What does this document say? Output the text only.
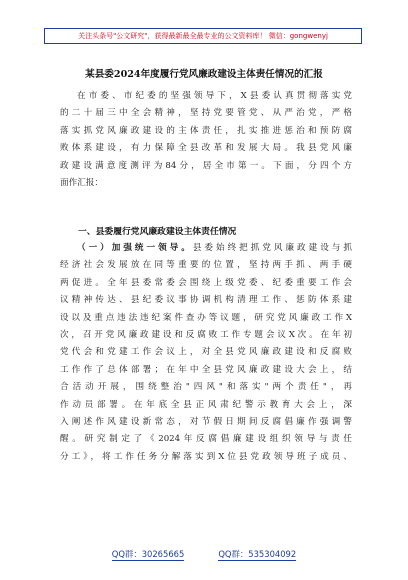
关注头条号"公文研究"，获得最新最全最专业的公文资料库！ 微信：gongwenyj
某县委2024年度履行党风廉政建设主体责任情况的汇报
在市委、市纪委的坚强领导下，X县委认真贯彻落实党
的二十届三中全会精神，坚持党要管党、从严治党，严格
落实抓党风廉政建设的主体责任，扎实推进惩治和预防腐
败体系建设，有力保障全县改革和发展大局。我县党风廉
政建设满意度测评为84分，居全市第一。下面，分四个方
面作汇报：
一、县委履行党风廉政建设主体责任情况
（一）加强统一领导。县委始终把抓党风廉政建设与抓
经济社会发展放在同等重要的位置，坚持两手抓、两手硬
两促进。全年县委常委会围绕上级党委、纪委重要工作会
议精神传达、县纪委议事协调机构清理工作、惩防体系建
设以及重点违法违纪案件查办等议题，研究党风廉政工作X
次，召开党风廉政建设和反腐败工作专题会议X次。在年初
党代会和党建工作会议上，对全县党风廉政建设和反腐败
工作作了总体部署；在年中全县党风廉政建设大会上，结
合活动开展，围绕整治"四风"和落实"两个责任"，再
作动员部署。在年底全县正风肃纪警示教育大会上，深
入阐述作风建设新常态，对节假日期间反腐倡廉作强调警
醒。研究制定了《2024年反腐倡廉建设组织领导与责任
分工》，将工作任务分解落实到X位县党政领导班子成员、
QQ群：30265665	QQ群：535304092
